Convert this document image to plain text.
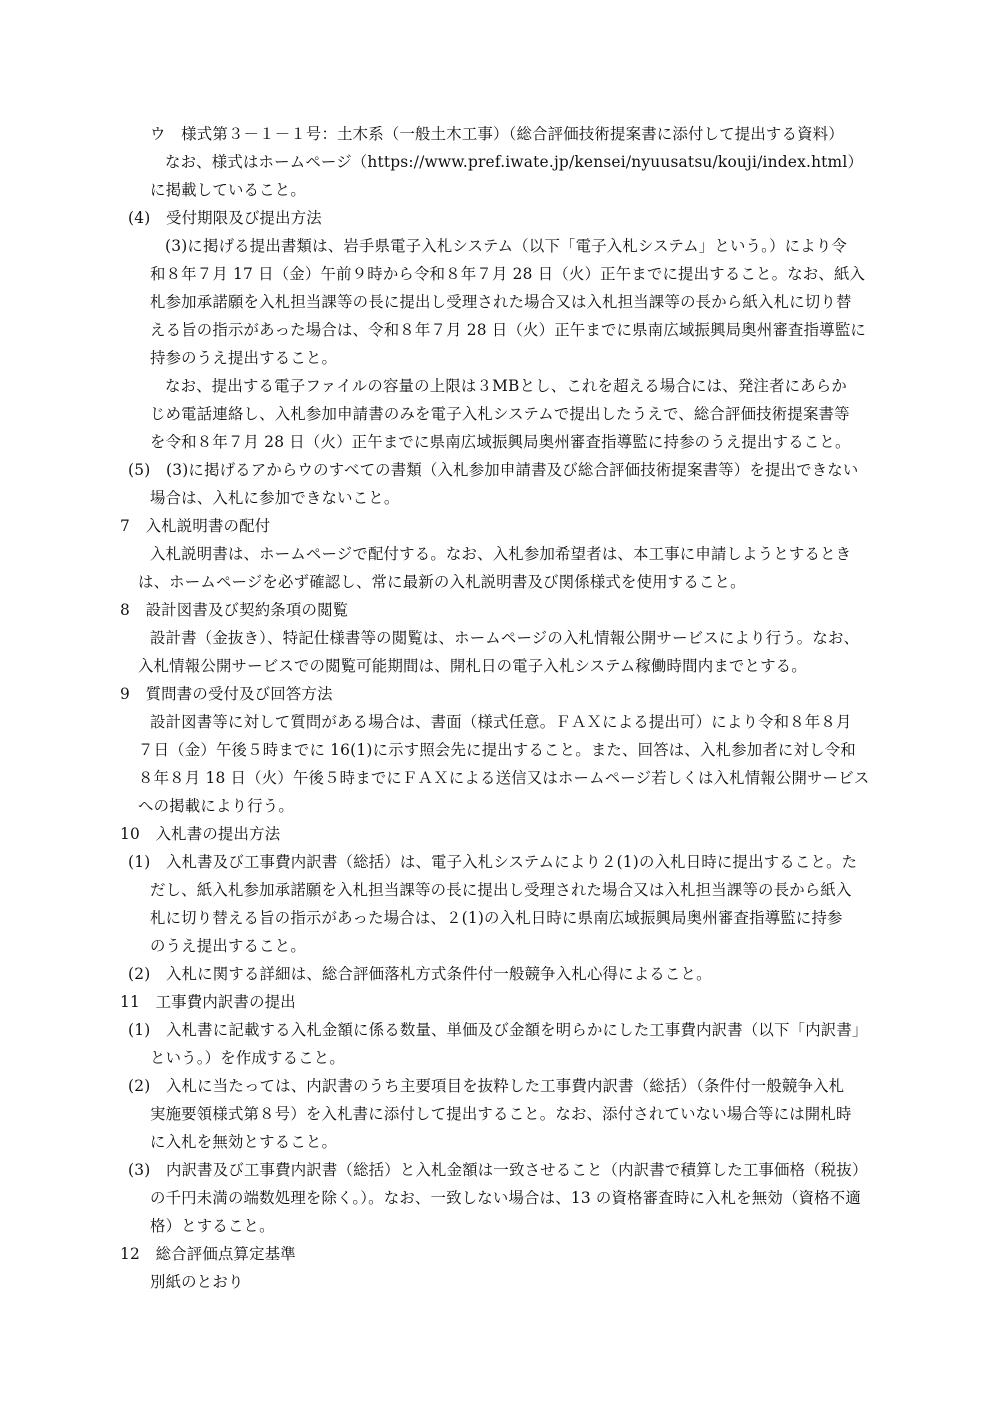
ウ　様式第３－１－１号：土木系（一般土木工事）（総合評価技術提案書に添付して提出する資料）
なお、様式はホームページ（https://www.pref.iwate.jp/kensei/nyuusatsu/kouji/index.html）
に掲載していること。
(4)　受付期限及び提出方法
(3)に掲げる提出書類は、岩手県電子入札システム（以下「電子入札システム」という。）により令
和８年７月 17 日（金）午前９時から令和８年７月 28 日（火）正午までに提出すること。なお、紙入
札参加承諾願を入札担当課等の長に提出し受理された場合又は入札担当課等の長から紙入札に切り替
える旨の指示があった場合は、令和８年７月 28 日（火）正午までに県南広域振興局奥州審査指導監に
持参のうえ提出すること。
なお、提出する電子ファイルの容量の上限は３MBとし、これを超える場合には、発注者にあらか
じめ電話連絡し、入札参加申請書のみを電子入札システムで提出したうえで、総合評価技術提案書等
を令和８年７月 28 日（火）正午までに県南広域振興局奥州審査指導監に持参のうえ提出すること。
(5)　(3)に掲げるアからウのすべての書類（入札参加申請書及び総合評価技術提案書等）を提出できない
場合は、入札に参加できないこと。
7　入札説明書の配付
入札説明書は、ホームページで配付する。なお、入札参加希望者は、本工事に申請しようとするとき
は、ホームページを必ず確認し、常に最新の入札説明書及び関係様式を使用すること。
8　設計図書及び契約条項の閲覧
設計書（金抜き）、特記仕様書等の閲覧は、ホームページの入札情報公開サービスにより行う。なお、
入札情報公開サービスでの閲覧可能期間は、開札日の電子入札システム稼働時間内までとする。
9　質問書の受付及び回答方法
設計図書等に対して質問がある場合は、書面（様式任意。ＦＡＸによる提出可）により令和８年８月
７日（金）午後５時までに 16(1)に示す照会先に提出すること。また、回答は、入札参加者に対し令和
８年８月 18 日（火）午後５時までにＦＡＸによる送信又はホームページ若しくは入札情報公開サービス
への掲載により行う。
10　入札書の提出方法
(1)　入札書及び工事費内訳書（総括）は、電子入札システムにより２(1)の入札日時に提出すること。た
だし、紙入札参加承諾願を入札担当課等の長に提出し受理された場合又は入札担当課等の長から紙入
札に切り替える旨の指示があった場合は、２(1)の入札日時に県南広域振興局奥州審査指導監に持参
のうえ提出すること。
(2)　入札に関する詳細は、総合評価落札方式条件付一般競争入札心得によること。
11　工事費内訳書の提出
(1)　入札書に記載する入札金額に係る数量、単価及び金額を明らかにした工事費内訳書（以下「内訳書」
という。）を作成すること。
(2)　入札に当たっては、内訳書のうち主要項目を抜粋した工事費内訳書（総括）（条件付一般競争入札
実施要領様式第８号）を入札書に添付して提出すること。なお、添付されていない場合等には開札時
に入札を無効とすること。
(3)　内訳書及び工事費内訳書（総括）と入札金額は一致させること（内訳書で積算した工事価格（税抜）
の千円未満の端数処理を除く。）。なお、一致しない場合は、13 の資格審査時に入札を無効（資格不適
格）とすること。
12　総合評価点算定基準
別紙のとおり
